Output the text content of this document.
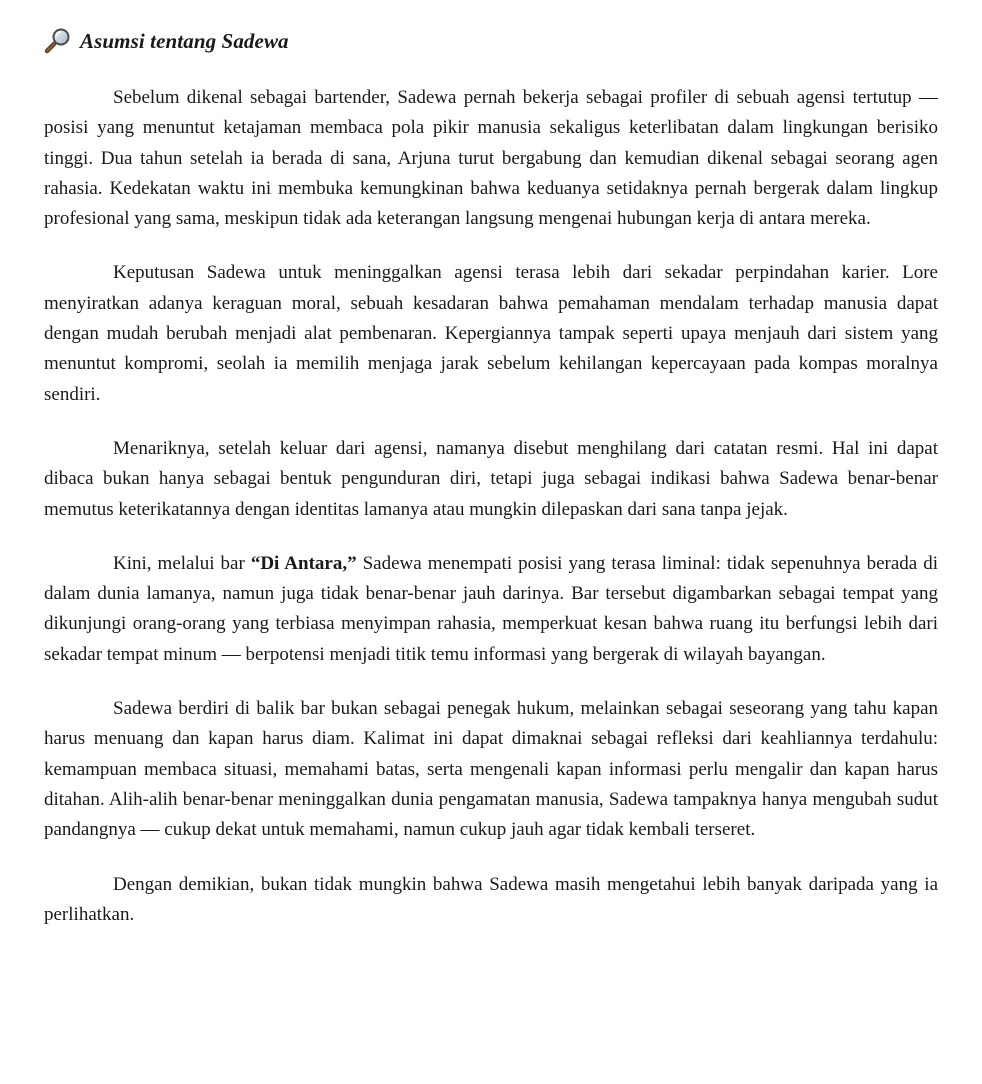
Asumsi tentang Sadewa

Sebelum dikenal sebagai bartender, Sadewa pernah bekerja sebagai profiler di sebuah agensi tertutup — posisi yang menuntut ketajaman membaca pola pikir manusia sekaligus keterlibatan dalam lingkungan berisiko tinggi. Dua tahun setelah ia berada di sana, Arjuna turut bergabung dan kemudian dikenal sebagai seorang agen rahasia. Kedekatan waktu ini membuka kemungkinan bahwa keduanya setidaknya pernah bergerak dalam lingkup profesional yang sama, meskipun tidak ada keterangan langsung mengenai hubungan kerja di antara mereka.

Keputusan Sadewa untuk meninggalkan agensi terasa lebih dari sekadar perpindahan karier. Lore menyiratkan adanya keraguan moral, sebuah kesadaran bahwa pemahaman mendalam terhadap manusia dapat dengan mudah berubah menjadi alat pembenaran. Kepergiannya tampak seperti upaya menjauh dari sistem yang menuntut kompromi, seolah ia memilih menjaga jarak sebelum kehilangan kepercayaan pada kompas moralnya sendiri.

Menariknya, setelah keluar dari agensi, namanya disebut menghilang dari catatan resmi. Hal ini dapat dibaca bukan hanya sebagai bentuk pengunduran diri, tetapi juga sebagai indikasi bahwa Sadewa benar-benar memutus keterikatannya dengan identitas lamanya atau mungkin dilepaskan dari sana tanpa jejak.

Kini, melalui bar “Di Antara,” Sadewa menempati posisi yang terasa liminal: tidak sepenuhnya berada di dalam dunia lamanya, namun juga tidak benar-benar jauh darinya. Bar tersebut digambarkan sebagai tempat yang dikunjungi orang-orang yang terbiasa menyimpan rahasia, memperkuat kesan bahwa ruang itu berfungsi lebih dari sekadar tempat minum — berpotensi menjadi titik temu informasi yang bergerak di wilayah bayangan.

Sadewa berdiri di balik bar bukan sebagai penegak hukum, melainkan sebagai seseorang yang tahu kapan harus menuang dan kapan harus diam. Kalimat ini dapat dimaknai sebagai refleksi dari keahliannya terdahulu: kemampuan membaca situasi, memahami batas, serta mengenali kapan informasi perlu mengalir dan kapan harus ditahan. Alih-alih benar-benar meninggalkan dunia pengamatan manusia, Sadewa tampaknya hanya mengubah sudut pandangnya — cukup dekat untuk memahami, namun cukup jauh agar tidak kembali terseret.

Dengan demikian, bukan tidak mungkin bahwa Sadewa masih mengetahui lebih banyak daripada yang ia perlihatkan.
